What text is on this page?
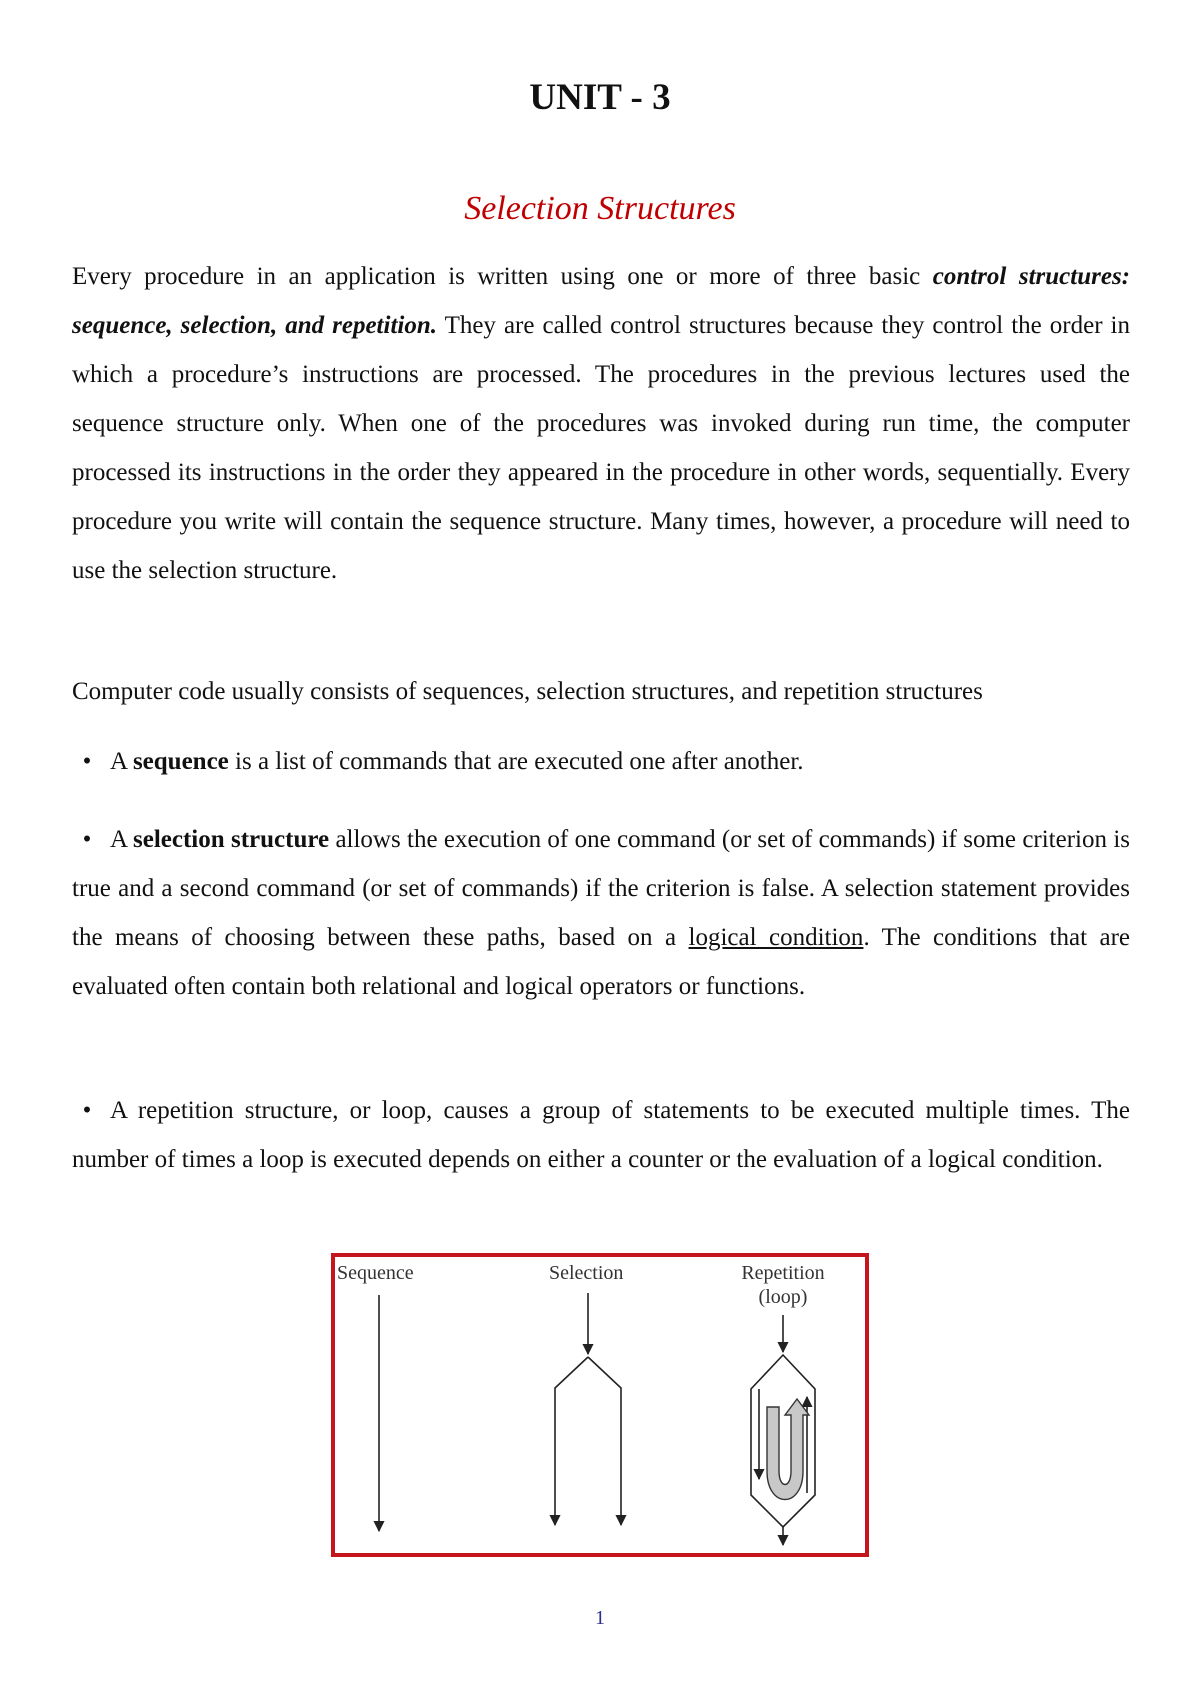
UNIT - 3
Selection Structures
Every procedure in an application is written using one or more of three basic control structures: sequence, selection, and repetition. They are called control structures because they control the order in which a procedure’s instructions are processed. The procedures in the previous lectures used the sequence structure only. When one of the procedures was invoked during run time, the computer processed its instructions in the order they appeared in the procedure in other words, sequentially. Every procedure you write will contain the sequence structure. Many times, however, a procedure will need to use the selection structure.
Computer code usually consists of sequences, selection structures, and repetition structures
• A sequence is a list of commands that are executed one after another.
• A selection structure allows the execution of one command (or set of commands) if some criterion is true and a second command (or set of commands) if the criterion is false. A selection statement provides the means of choosing between these paths, based on a logical condition. The conditions that are evaluated often contain both relational and logical operators or functions.
• A repetition structure, or loop, causes a group of statements to be executed multiple times. The number of times a loop is executed depends on either a counter or the evaluation of a logical condition.
Sequence	Selection	Repetition
(loop)
1
